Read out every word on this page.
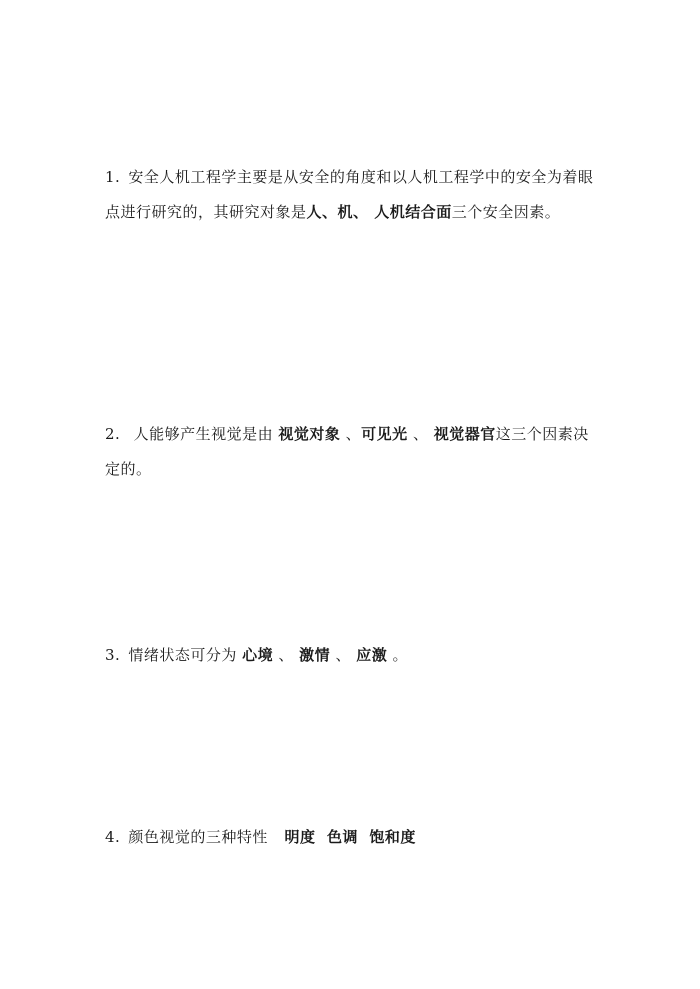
1. 安全人机工程学主要是从安全的角度和以人机工程学中的安全为着眼点进行研究的，其研究对象是人、机、 人机结合面三个安全因素。
2. 人能够产生视觉是由 视觉对象 、可见光 、 视觉器官这三个因素决定的。
3. 情绪状态可分为 心境 、 激情 、 应激 。
4. 颜色视觉的三种特性   明度  色调  饱和度
